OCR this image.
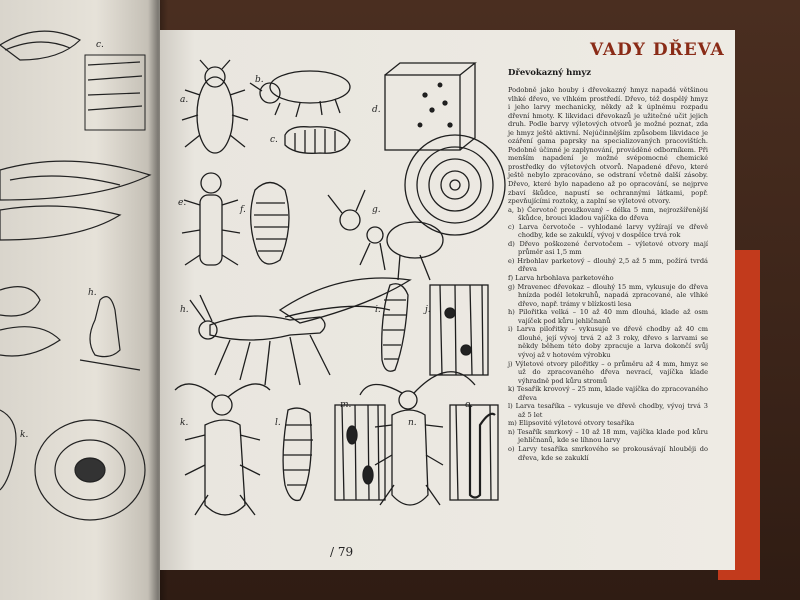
c.
h.
k.
VADY DŘEVA
Dřevokazný hmyz

Podobně jako houby i dřevokazný hmyz napadá většinou vlhké dřevo, ve vlhkém prostředí. Dřevo, též dospělý hmyz i jeho larvy mechanicky, někdy až k úplnému rozpadu dřevní hmoty. K likvidaci dřevokazů je užitečné učit jejich druh. Podle barvy výletových otvorů je možné poznat, zda je hmyz ještě aktivní. Nejúčinnějším způsobem likvidace je ozáření gama paprsky na specializovaných pracovištích. Podobně účinné je zaplynování, prováděné odborníkem. Při menším napadení je možné svépomocné chemické prostředky do výletových otvorů. Napadené dřevo, které ještě nebylo zpracováno, se odstraní včetně další zásoby. Dřevo, které bylo napadeno až po opracování, se nejprve zbaví škůdce, napustí se ochrannými látkami, popř. zpevňujícími roztoky, a zaplní se výletové otvory.

a, b) Červotoč proužkovaný – délka 5 mm, nejrozšířenější škůdce, brouci kladou vajíčka do dřeva

c) Larva červotoče – vyhlodané larvy vyžírají ve dřevě chodby, kde se zakuklí, vývoj v dospělce trvá rok

d) Dřevo poškozené červotočem – výletové otvory mají průměr asi 1,5 mm

e) Hrbohlav parketový – dlouhý 2,5 až 5 mm, požírá tvrdá dřeva

f) Larva hrbohlava parketového

g) Mravenec dřevokaz – dlouhý 15 mm, vykusuje do dřeva hnízda podél letokruhů, napadá zpracované, ale vlhké dřevo, např. trámy v blízkosti lesa

h) Pilořitka velká – 10 až 40 mm dlouhá, klade až osm vajíček pod kůru jehličnanů

i) Larva pilořitky – vykusuje ve dřevě chodby až 40 cm dlouhé, její vývoj trvá 2 až 3 roky, dřevo s larvami se někdy během této doby zpracuje a larva dokončí svůj vývoj až v hotovém výrobku

j) Výletové otvory pilořitky – o průměru až 4 mm, hmyz se už do zpracovaného dřeva nevrací, vajíčka klade výhradně pod kůru stromů

k) Tesařík krovový – 25 mm, klade vajíčka do zpracovaného dřeva

l) Larva tesaříka – vykusuje ve dřevě chodby, vývoj trvá 3 až 5 let

m) Elipsovité výletové otvory tesaříka

n) Tesařík smrkový – 10 až 18 mm, vajíčka klade pod kůru jehličnanů, kde se líhnou larvy

o) Larvy tesaříka smrkového se prokousávají hlouběji do dřeva, kde se zakuklí

a.
b.
c.
d.
e.
f.	g.
h.	i.	j.
k.	l.
m.
n.
o.
/ 79
